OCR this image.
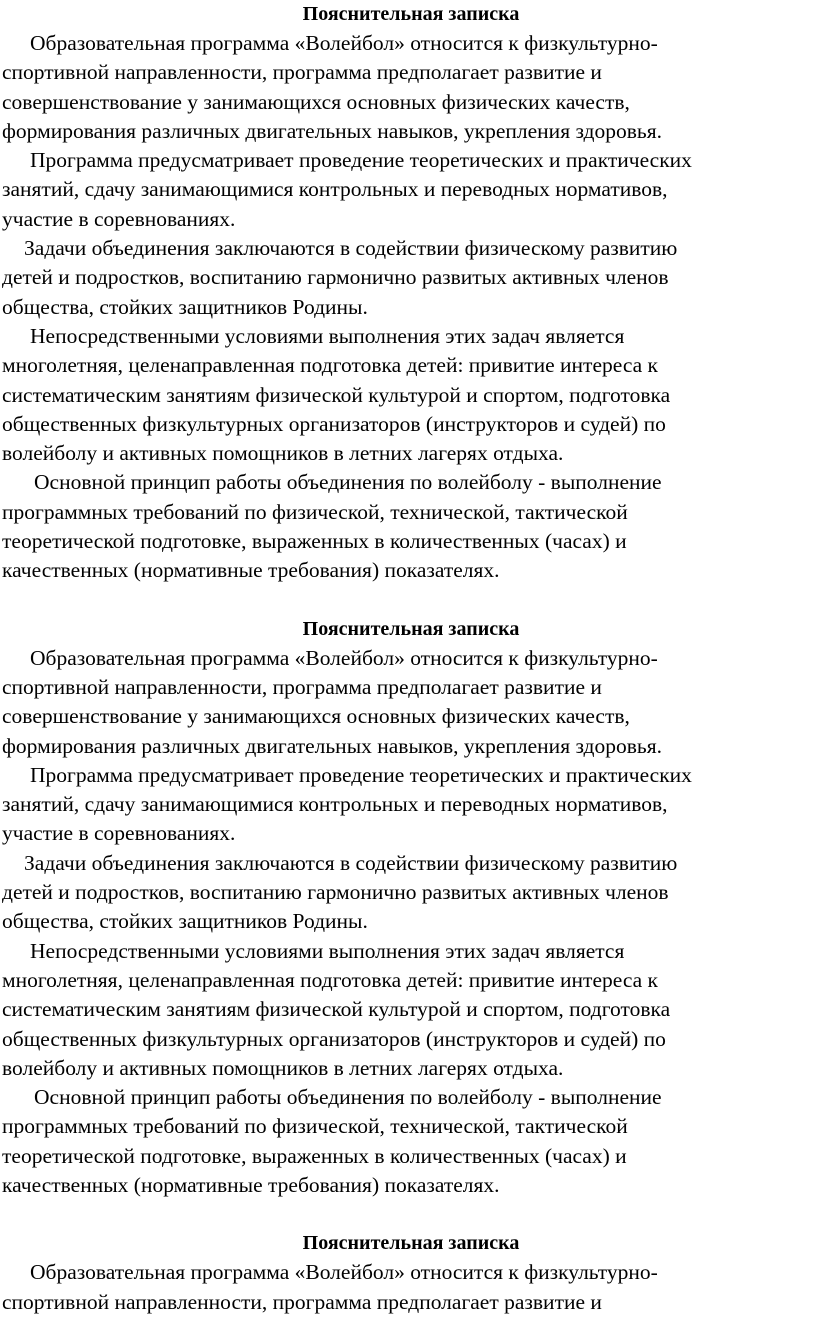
Пояснительная записка

Образовательная программа «Волейбол» относится к физкультурно-
спортивной направленности, программа предполагает развитие и
совершенствование у занимающихся основных физических качеств,
формирования различных двигательных навыков, укрепления здоровья.

Программа предусматривает проведение теоретических и практических
занятий, сдачу занимающимися контрольных и переводных нормативов,
участие в соревнованиях.

Задачи объединения заключаются в содействии физическому развитию
детей и подростков, воспитанию гармонично развитых активных членов
общества, стойких защитников Родины.

Непосредственными условиями выполнения этих задач является
многолетняя, целенаправленная подготовка детей: привитие интереса к
систематическим занятиям физической культурой и спортом, подготовка
общественных физкультурных организаторов (инструкторов и судей) по
волейболу и активных помощников в летних лагерях отдыха.

Основной принцип работы объединения по волейболу - выполнение
программных требований по физической, технической, тактической
теоретической подготовке, выраженных в количественных (часах) и
качественных (нормативные требования) показателях.

Пояснительная записка

Образовательная программа «Волейбол» относится к физкультурно-
спортивной направленности, программа предполагает развитие и
совершенствование у занимающихся основных физических качеств,
формирования различных двигательных навыков, укрепления здоровья.

Программа предусматривает проведение теоретических и практических
занятий, сдачу занимающимися контрольных и переводных нормативов,
участие в соревнованиях.

Задачи объединения заключаются в содействии физическому развитию
детей и подростков, воспитанию гармонично развитых активных членов
общества, стойких защитников Родины.

Непосредственными условиями выполнения этих задач является
многолетняя, целенаправленная подготовка детей: привитие интереса к
систематическим занятиям физической культурой и спортом, подготовка
общественных физкультурных организаторов (инструкторов и судей) по
волейболу и активных помощников в летних лагерях отдыха.

Основной принцип работы объединения по волейболу - выполнение
программных требований по физической, технической, тактической
теоретической подготовке, выраженных в количественных (часах) и
качественных (нормативные требования) показателях.

Пояснительная записка

Образовательная программа «Волейбол» относится к физкультурно-
спортивной направленности, программа предполагает развитие и
